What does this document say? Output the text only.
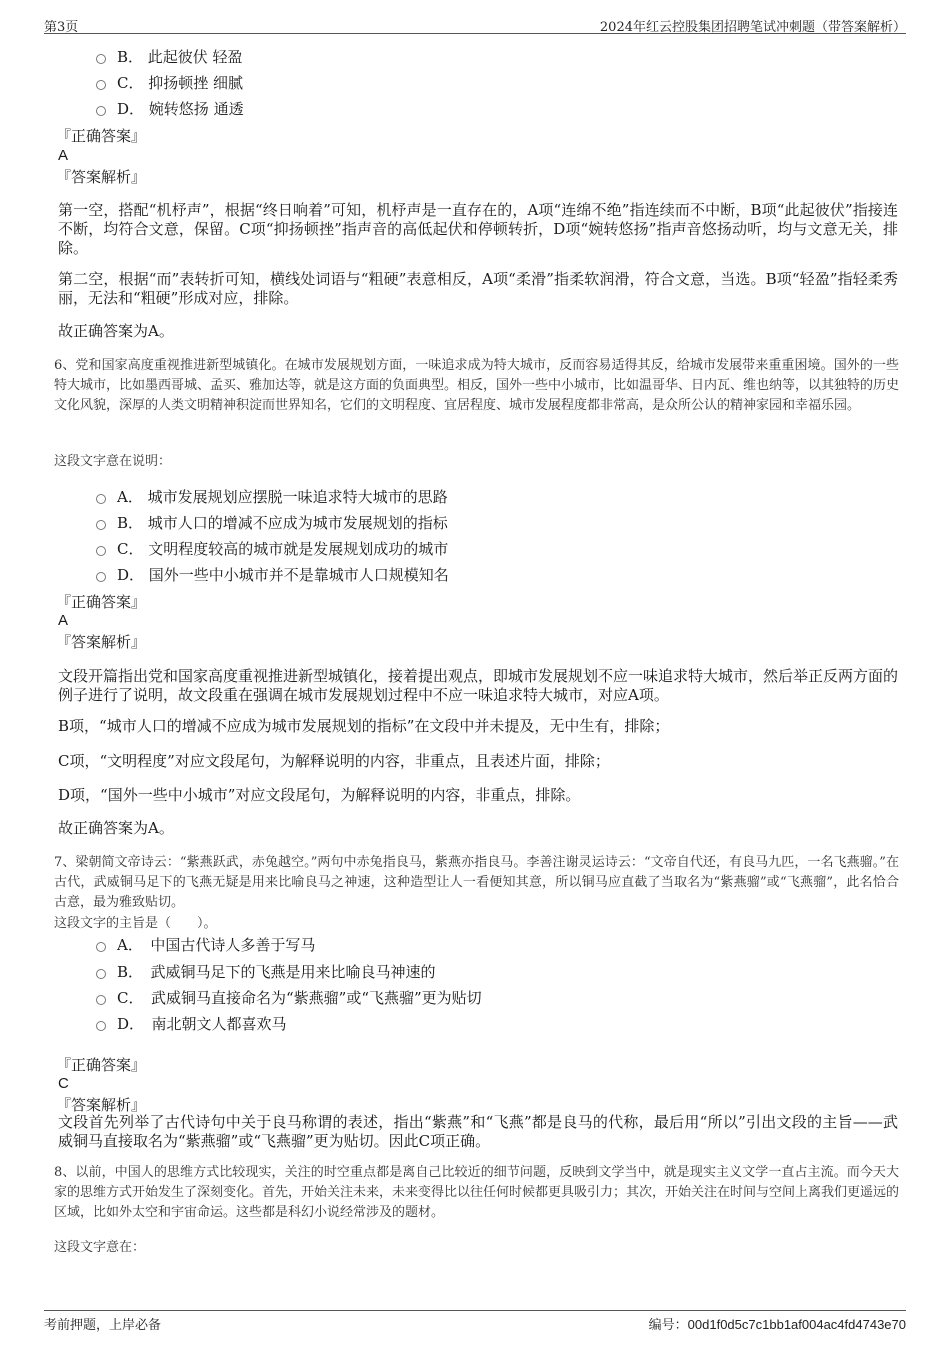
第3页	2024年红云控股集团招聘笔试冲刺题（带答案解析）
B． 此起彼伏 轻盈
C． 抑扬顿挫 细腻
D． 婉转悠扬 通透
『正确答案』
A
『答案解析』
第一空，搭配“机杼声”，根据“终日响着”可知，机杼声是一直存在的，A项“连绵不绝”指连续而不中断，B项“此起彼伏”指接连不断，均符合文意，保留。C项“抑扬顿挫”指声音的高低起伏和停顿转折，D项“婉转悠扬”指声音悠扬动听，均与文意无关，排除。
第二空，根据“而”表转折可知，横线处词语与“粗硬”表意相反，A项“柔滑”指柔软润滑，符合文意，当选。B项“轻盈”指轻柔秀丽，无法和“粗硬”形成对应，排除。
故正确答案为A。
6、党和国家高度重视推进新型城镇化。在城市发展规划方面，一味追求成为特大城市，反而容易适得其反，给城市发展带来重重困境。国外的一些特大城市，比如墨西哥城、孟买、雅加达等，就是这方面的负面典型。相反，国外一些中小城市，比如温哥华、日内瓦、维也纳等，以其独特的历史文化风貌，深厚的人类文明精神积淀而世界知名，它们的文明程度、宜居程度、城市发展程度都非常高，是众所公认的精神家园和幸福乐园。
这段文字意在说明：
A． 城市发展规划应摆脱一味追求特大城市的思路
B． 城市人口的增减不应成为城市发展规划的指标
C． 文明程度较高的城市就是发展规划成功的城市
D． 国外一些中小城市并不是靠城市人口规模知名
『正确答案』
A
『答案解析』
文段开篇指出党和国家高度重视推进新型城镇化，接着提出观点，即城市发展规划不应一味追求特大城市，然后举正反两方面的例子进行了说明，故文段重在强调在城市发展规划过程中不应一味追求特大城市，对应A项。
B项，“城市人口的增减不应成为城市发展规划的指标”在文段中并未提及，无中生有，排除；
C项，“文明程度”对应文段尾句，为解释说明的内容，非重点，且表述片面，排除；
D项，“国外一些中小城市”对应文段尾句，为解释说明的内容，非重点，排除。
故正确答案为A。
7、梁朝简文帝诗云：“紫燕跃武，赤兔越空。”两句中赤兔指良马，紫燕亦指良马。李善注谢灵运诗云：“文帝自代还，有良马九匹，一名飞燕骝。”在古代，武威铜马足下的飞燕无疑是用来比喻良马之神速，这种造型让人一看便知其意，所以铜马应直截了当取名为“紫燕骝”或“飞燕骝”，此名恰合古意，最为雅致贴切。
这段文字的主旨是（　　）。
A．　中国古代诗人多善于写马
B．　武威铜马足下的飞燕是用来比喻良马神速的
C．　武威铜马直接命名为“紫燕骝”或“飞燕骝”更为贴切
D．　南北朝文人都喜欢马
『正确答案』
C
『答案解析』
文段首先列举了古代诗句中关于良马称谓的表述，指出“紫燕”和“飞燕”都是良马的代称，最后用“所以”引出文段的主旨——武威铜马直接取名为“紫燕骝”或“飞燕骝”更为贴切。因此C项正确。
8、以前，中国人的思维方式比较现实，关注的时空重点都是离自己比较近的细节问题，反映到文学当中，就是现实主义文学一直占主流。而今天大家的思维方式开始发生了深刻变化。首先，开始关注未来，未来变得比以往任何时候都更具吸引力；其次，开始关注在时间与空间上离我们更遥远的区域，比如外太空和宇宙命运。这些都是科幻小说经常涉及的题材。
这段文字意在：
考前押题，上岸必备	编号：00d1f0d5c7c1bb1af004ac4fd4743e70
